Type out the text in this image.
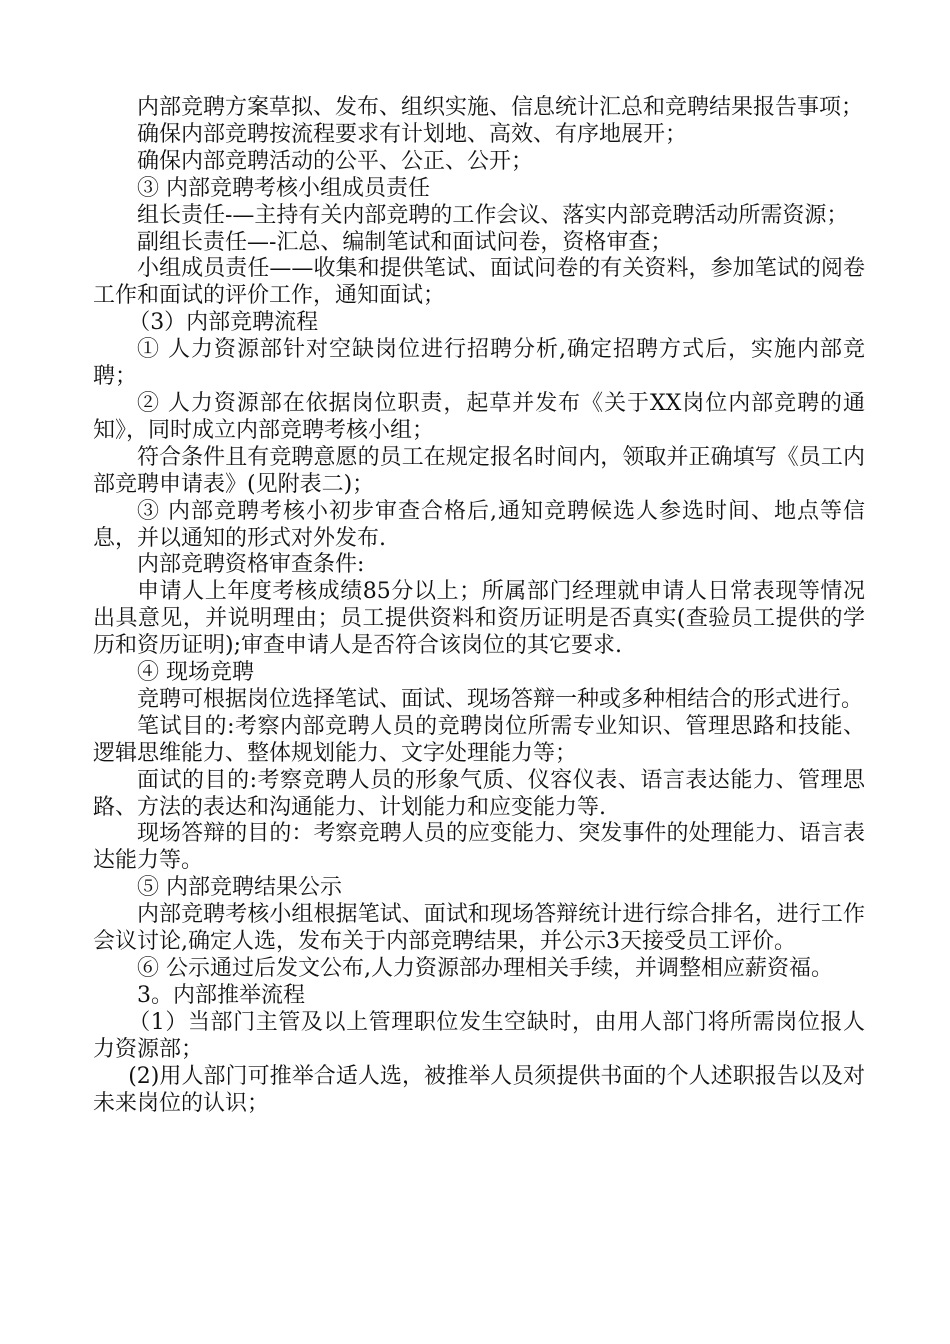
内部竞聘方案草拟、发布、组织实施、信息统计汇总和竞聘结果报告事项；

确保内部竞聘按流程要求有计划地、高效、有序地展开；

确保内部竞聘活动的公平、公正、公开；

③ 内部竞聘考核小组成员责任

组长责任-—主持有关内部竞聘的工作会议、落实内部竞聘活动所需资源；

副组长责任—-汇总、编制笔试和面试问卷，资格审查；

小组成员责任——收集和提供笔试、面试问卷的有关资料，参加笔试的阅卷工作和面试的评价工作，通知面试；

（3）内部竞聘流程

① 人力资源部针对空缺岗位进行招聘分析,确定招聘方式后，实施内部竞聘；

② 人力资源部在依据岗位职责，起草并发布《关于XX岗位内部竞聘的通知》，同时成立内部竞聘考核小组；

符合条件且有竞聘意愿的员工在规定报名时间内，领取并正确填写《员工内部竞聘申请表》(见附表二)；

③ 内部竞聘考核小初步审查合格后,通知竞聘候选人参选时间、地点等信息，并以通知的形式对外发布.

内部竞聘资格审查条件:

申请人上年度考核成绩85分以上；所属部门经理就申请人日常表现等情况出具意见，并说明理由；员工提供资料和资历证明是否真实(查验员工提供的学历和资历证明);审查申请人是否符合该岗位的其它要求.

④ 现场竞聘

竞聘可根据岗位选择笔试、面试、现场答辩一种或多种相结合的形式进行。

笔试目的:考察内部竞聘人员的竞聘岗位所需专业知识、管理思路和技能、逻辑思维能力、整体规划能力、文字处理能力等；

面试的目的:考察竞聘人员的形象气质、仪容仪表、语言表达能力、管理思路、方法的表达和沟通能力、计划能力和应变能力等.

现场答辩的目的：考察竞聘人员的应变能力、突发事件的处理能力、语言表达能力等。

⑤ 内部竞聘结果公示

内部竞聘考核小组根据笔试、面试和现场答辩统计进行综合排名，进行工作会议讨论,确定人选，发布关于内部竞聘结果，并公示3天接受员工评价。

⑥ 公示通过后发文公布,人力资源部办理相关手续，并调整相应薪资福。

3。内部推举流程

（1）当部门主管及以上管理职位发生空缺时，由用人部门将所需岗位报人力资源部；

(2)用人部门可推举合适人选，被推举人员须提供书面的个人述职报告以及对未来岗位的认识；
